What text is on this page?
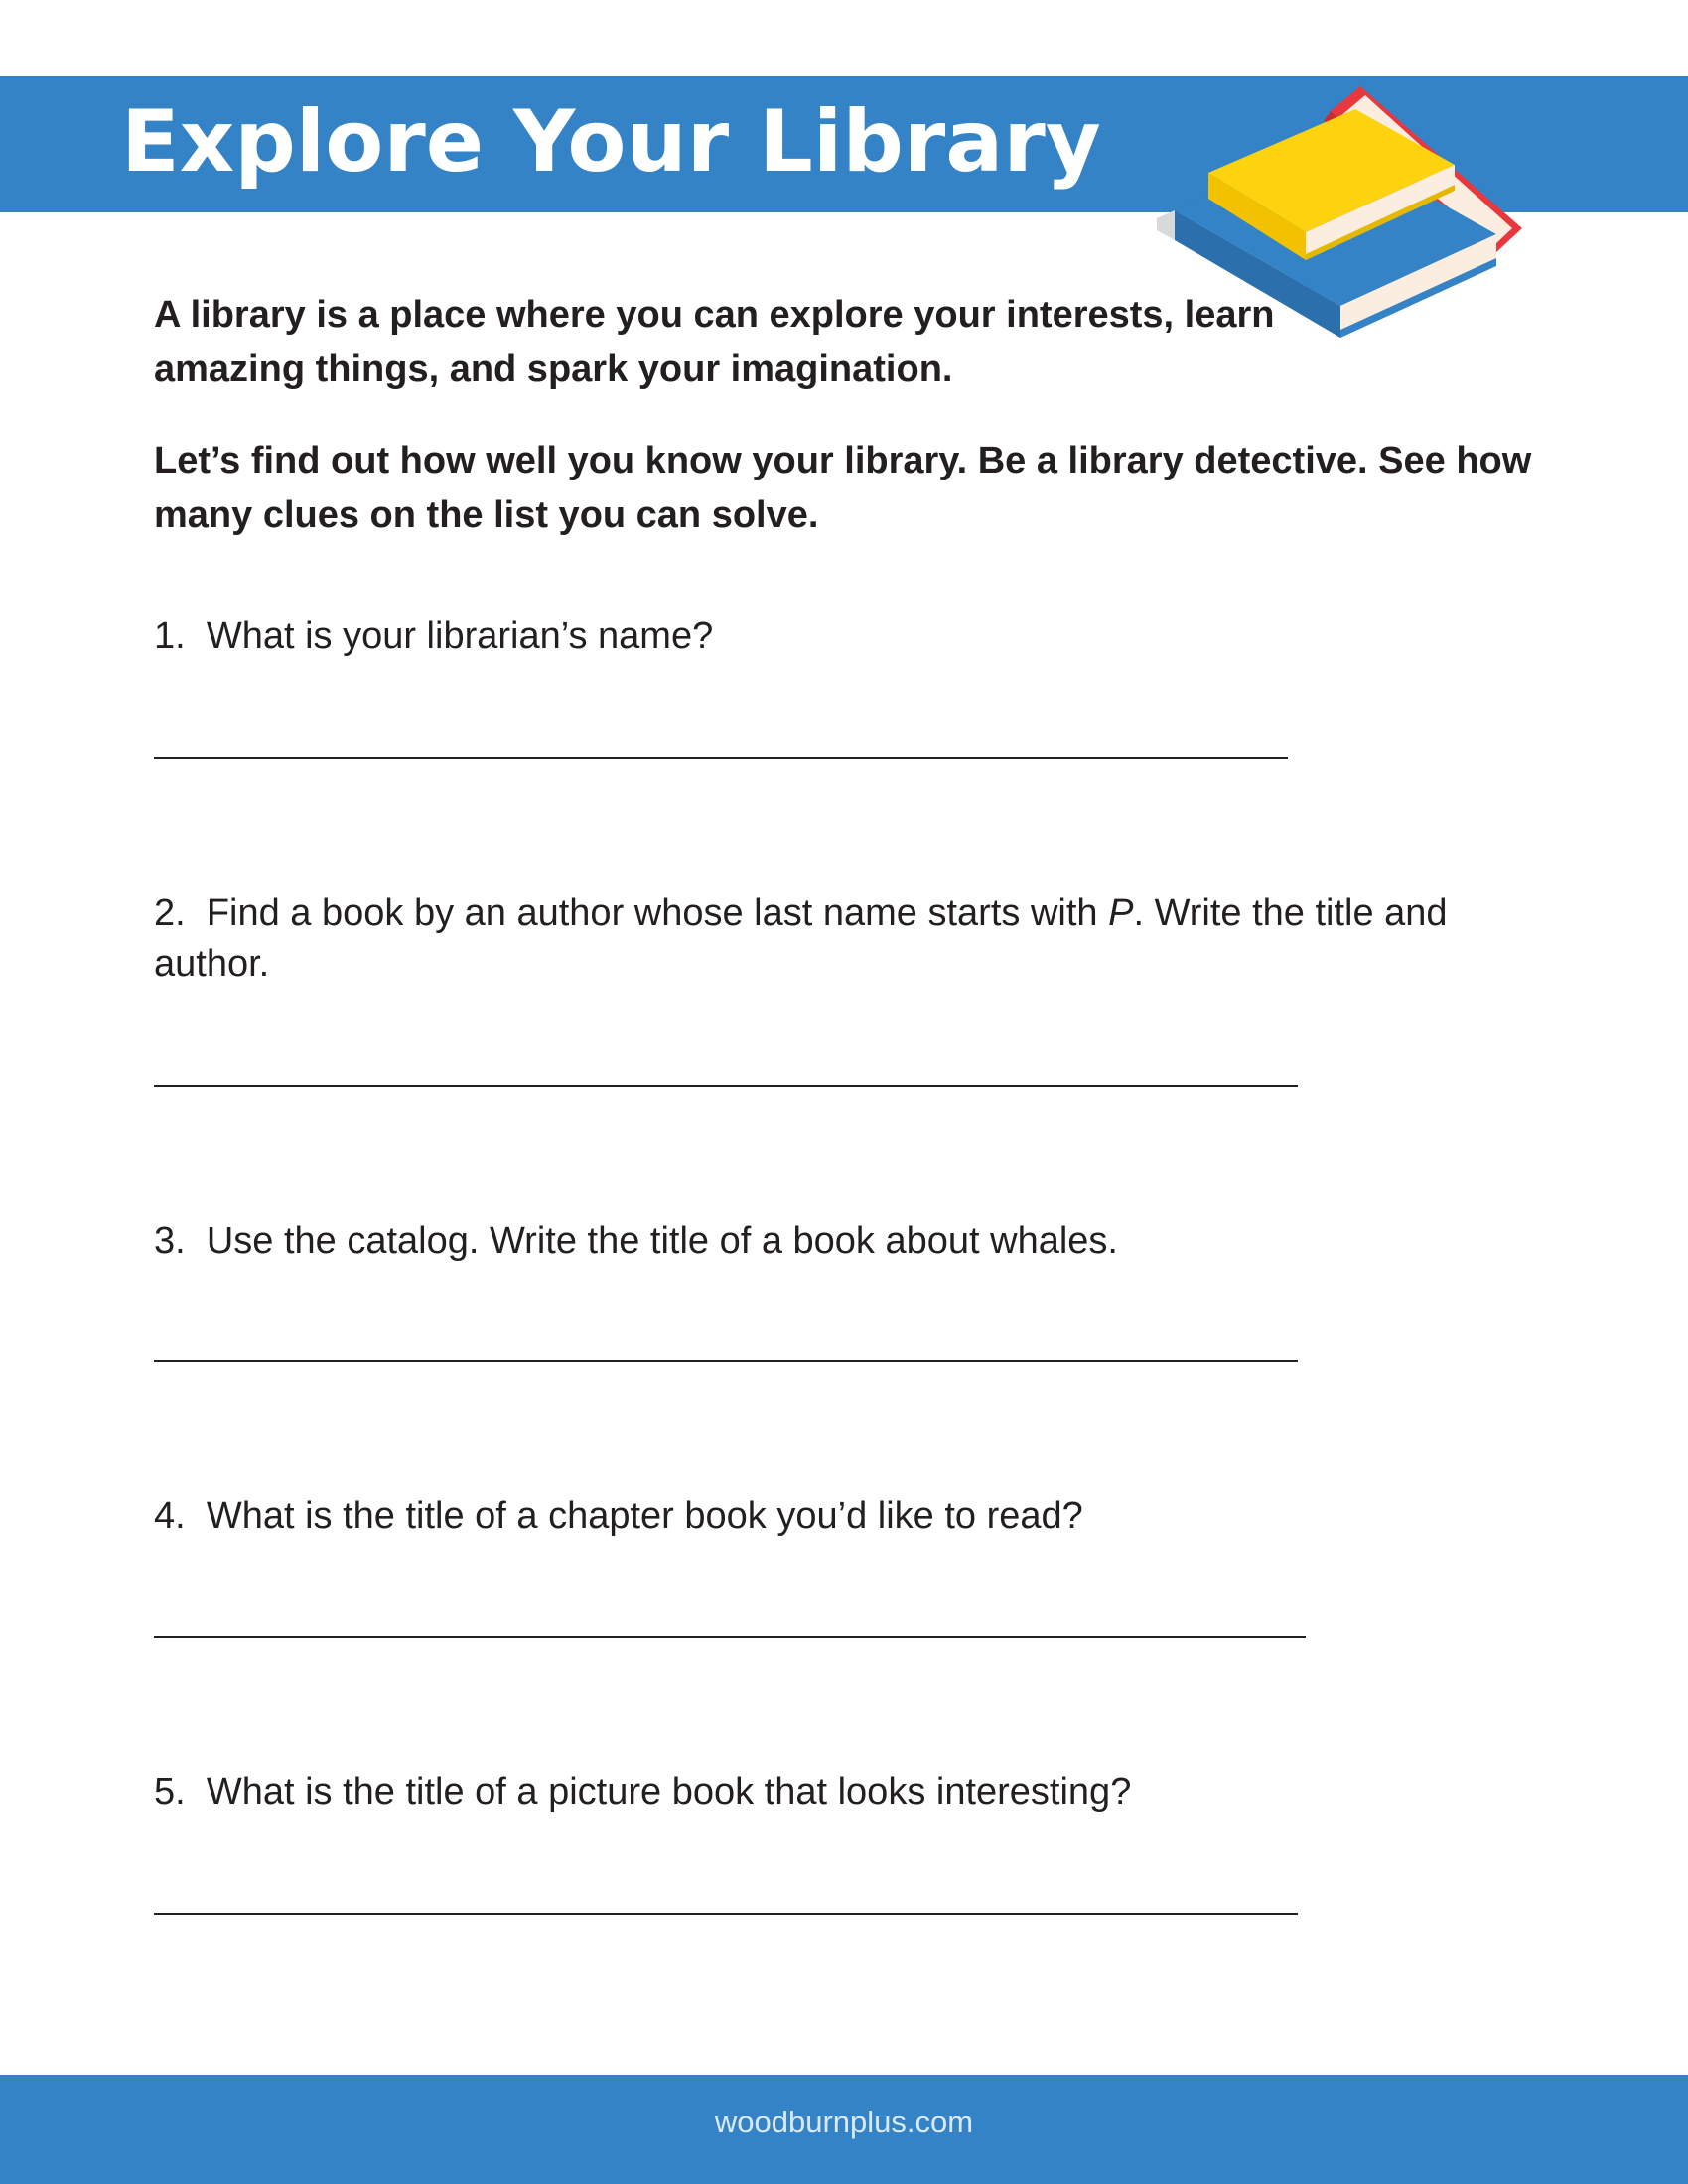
Explore Your Library

A library is a place where you can explore your interests, learn amazing things, and spark your imagination.

Let’s find out how well you know your library. Be a library detective. See how many clues on the list you can solve.

1. What is your librarian’s name?

2. Find a book by an author whose last name starts with P. Write the title and author.

3. Use the catalog. Write the title of a book about whales.

4. What is the title of a chapter book you’d like to read?

5. What is the title of a picture book that looks interesting?

woodburnplus.com
